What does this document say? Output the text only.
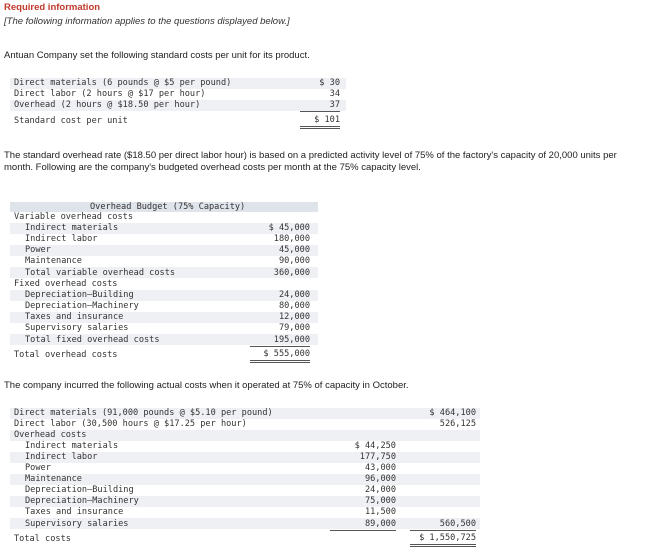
Required information
[The following information applies to the questions displayed below.]
Antuan Company set the following standard costs per unit for its product.
Direct materials (6 pounds @ $5 per pound)	$ 30
Direct labor (2 hours @ $17 per hour)	34
Overhead (2 hours @ $18.50 per hour)	37
Standard cost per unit	$ 101
The standard overhead rate ($18.50 per direct labor hour) is based on a predicted activity level of 75% of the factory's capacity of 20,000 units per month. Following are the company's budgeted overhead costs per month at the 75% capacity level.
Overhead Budget (75% Capacity)
Variable overhead costs
Indirect materials	$ 45,000
Indirect labor	180,000
Power	45,000
Maintenance	90,000
Total variable overhead costs	360,000
Fixed overhead costs
Depreciation—Building	24,000
Depreciation—Machinery	80,000
Taxes and insurance	12,000
Supervisory salaries	79,000
Total fixed overhead costs	195,000
Total overhead costs	$ 555,000
The company incurred the following actual costs when it operated at 75% of capacity in October.
Direct materials (91,000 pounds @ $5.10 per pound)	$ 464,100
Direct labor (30,500 hours @ $17.25 per hour)	526,125
Overhead costs
Indirect materials	$ 44,250
Indirect labor	177,750
Power	43,000
Maintenance	96,000
Depreciation—Building	24,000
Depreciation—Machinery	75,000
Taxes and insurance	11,500
Supervisory salaries	89,000	560,500
Total costs	$ 1,550,725
